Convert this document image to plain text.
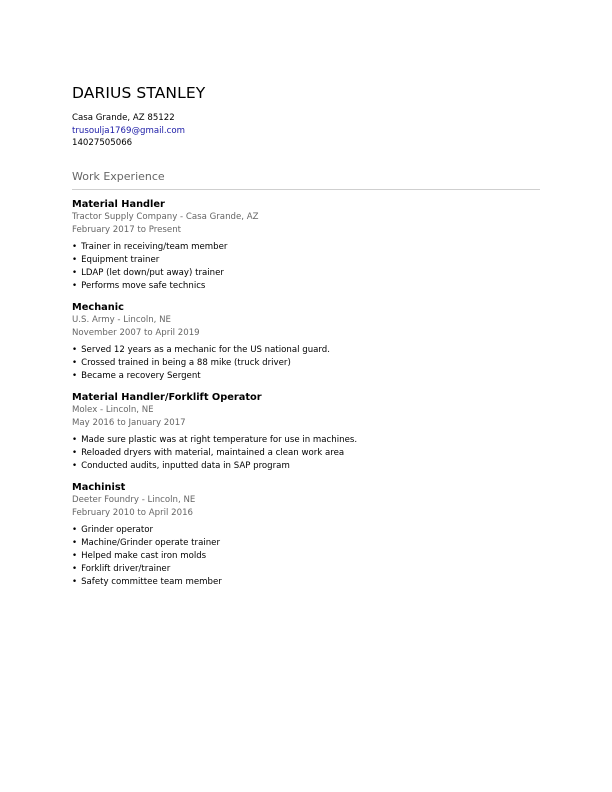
DARIUS STANLEY

Casa Grande, AZ 85122

trusoulja1769@gmail.com

14027505066

Work Experience

Material Handler

Tractor Supply Company - Casa Grande, AZ

February 2017 to Present

• Trainer in receiving/team member
• Equipment trainer
• LDAP (let down/put away) trainer
• Performs move safe technics

Mechanic

U.S. Army - Lincoln, NE

November 2007 to April 2019

• Served 12 years as a mechanic for the US national guard.
• Crossed trained in being a 88 mike (truck driver)
• Became a recovery Sergent

Material Handler/Forklift Operator

Molex - Lincoln, NE

May 2016 to January 2017

• Made sure plastic was at right temperature for use in machines.
• Reloaded dryers with material, maintained a clean work area
• Conducted audits, inputted data in SAP program

Machinist

Deeter Foundry - Lincoln, NE

February 2010 to April 2016

• Grinder operator
• Machine/Grinder operate trainer
• Helped make cast iron molds
• Forklift driver/trainer
• Safety committee team member
